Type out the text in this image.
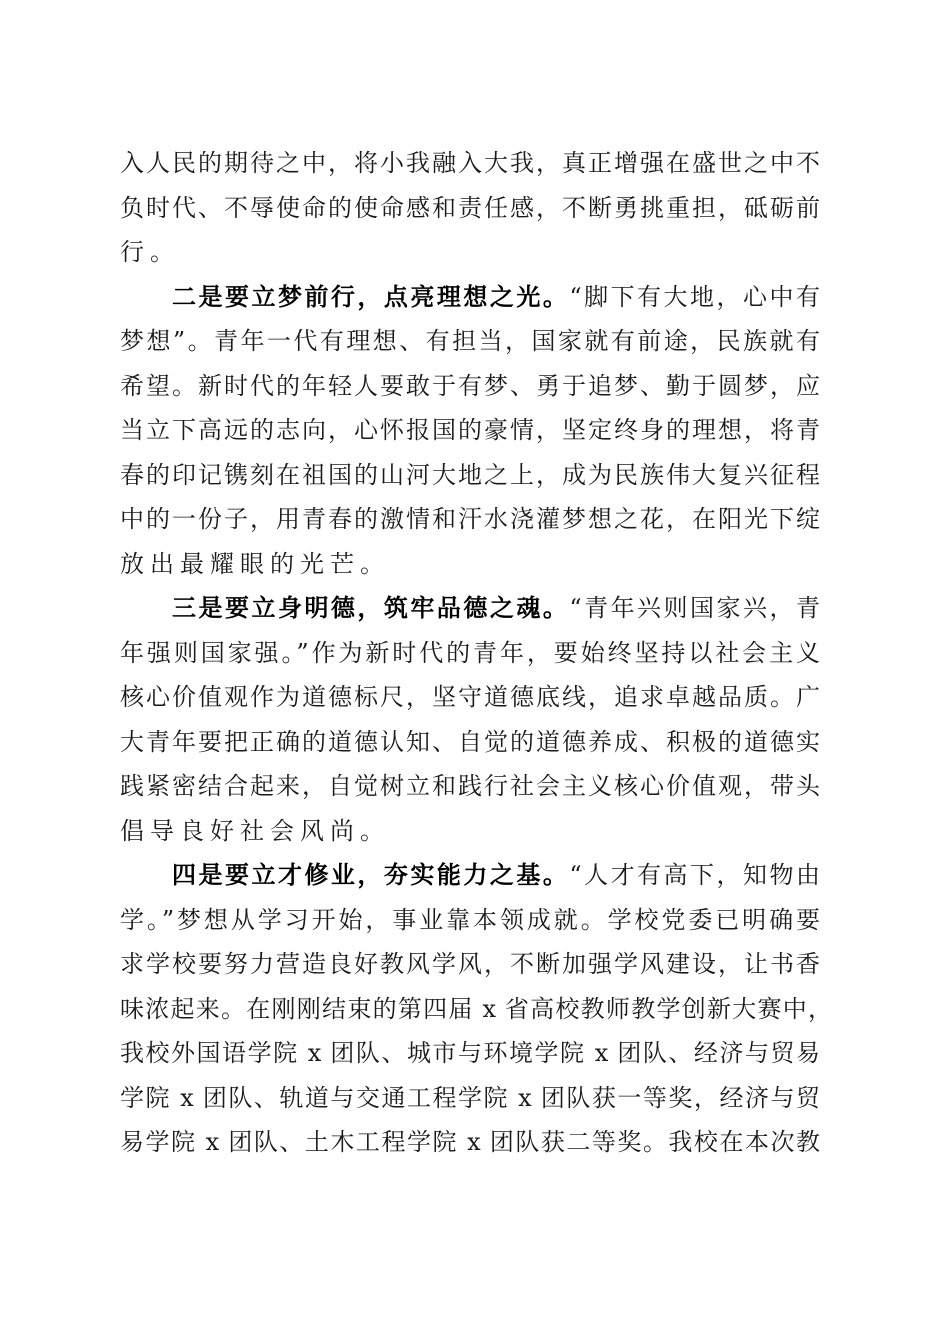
入人民的期待之中，将小我融入大我，真正增强在盛世之中不
负时代、不辱使命的使命感和责任感，不断勇挑重担，砥砺前
行。
二是要立梦前行，点亮理想之光。“脚下有大地，心中有
梦想”。青年一代有理想、有担当，国家就有前途，民族就有
希望。新时代的年轻人要敢于有梦、勇于追梦、勤于圆梦，应
当立下高远的志向，心怀报国的豪情，坚定终身的理想，将青
春的印记镌刻在祖国的山河大地之上，成为民族伟大复兴征程
中的一份子，用青春的激情和汗水浇灌梦想之花，在阳光下绽
放出最耀眼的光芒。
三是要立身明德，筑牢品德之魂。“青年兴则国家兴，青
年强则国家强。”作为新时代的青年，要始终坚持以社会主义
核心价值观作为道德标尺，坚守道德底线，追求卓越品质。广
大青年要把正确的道德认知、自觉的道德养成、积极的道德实
践紧密结合起来，自觉树立和践行社会主义核心价值观，带头
倡导良好社会风尚。
四是要立才修业，夯实能力之基。“人才有高下，知物由
学。”梦想从学习开始，事业靠本领成就。学校党委已明确要
求学校要努力营造良好教风学风，不断加强学风建设，让书香
味浓起来。在刚刚结束的第四届 x 省高校教师教学创新大赛中，
我校外国语学院 x 团队、城市与环境学院 x 团队、经济与贸易
学院 x 团队、轨道与交通工程学院 x 团队获一等奖，经济与贸
易学院 x 团队、土木工程学院 x 团队获二等奖。我校在本次教
